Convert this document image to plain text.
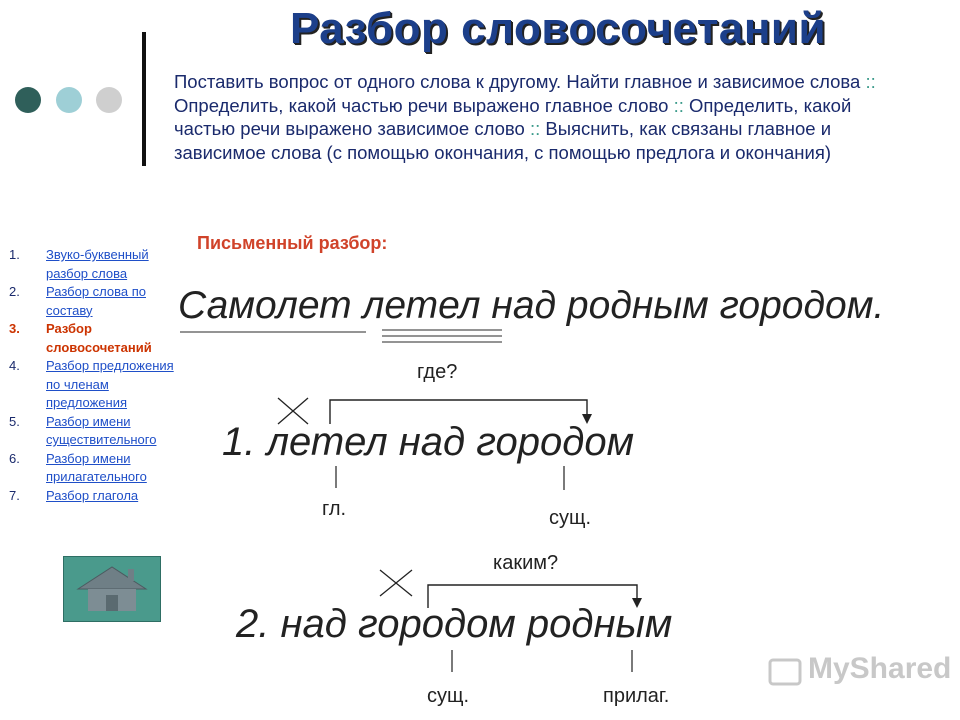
Разбор словосочетаний
Поставить вопрос от одного слова к другому. Найти главное и зависимое слова :: Определить, какой частью речи выражено главное слово :: Определить, какой частью речи выражено зависимое слово :: Выяснить, как связаны главное и зависимое слова (с помощью окончания, с помощью предлога и окончания)
Письменный разбор:
1. Звуко-буквенный разбор слова
2. Разбор слова по составу
3. Разбор словосочетаний
4. Разбор предложения по членам предложения
5. Разбор имени существительного
6. Разбор имени прилагательного
7. Разбор глагола
Самолет летел над родным городом.
где?
1. летел над городом
гл.	сущ.
каким?
2. над городом родным
сущ.	прилаг.
MyShared
